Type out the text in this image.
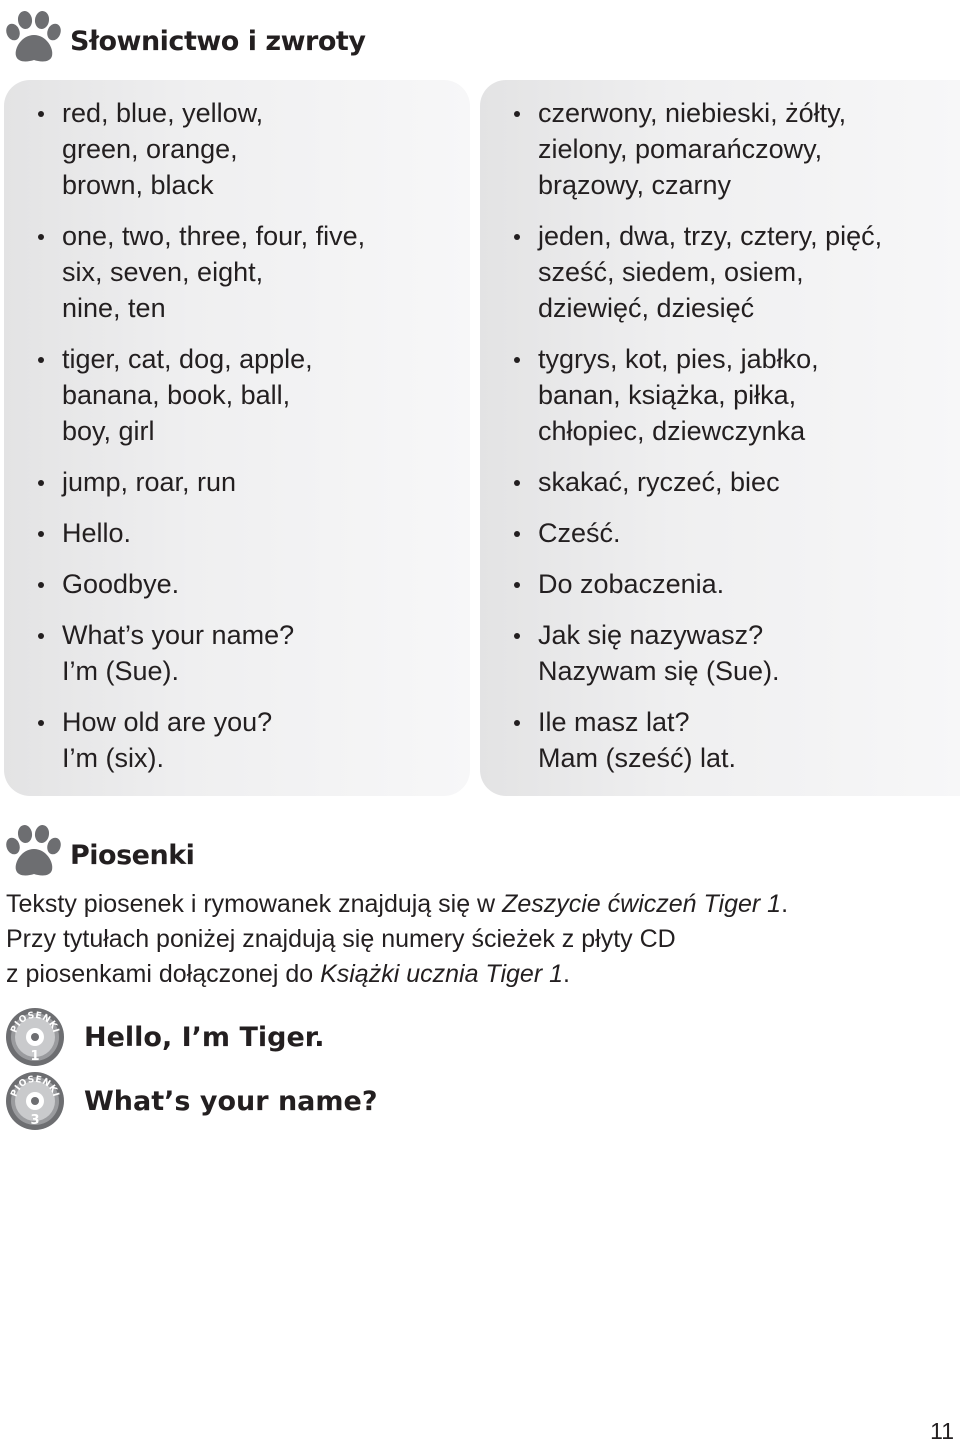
Słownictwo i zwroty
red, blue, yellow,
green, orange,
brown, black
one, two, three, four, five,
six, seven, eight,
nine, ten
tiger, cat, dog, apple,
banana, book, ball,
boy, girl
jump, roar, run
Hello.
Goodbye.
What’s your name?
I’m (Sue).
How old are you?
I’m (six).
czerwony, niebieski, żółty,
zielony, pomarańczowy,
brązowy, czarny
jeden, dwa, trzy, cztery, pięć,
sześć, siedem, osiem,
dziewięć, dziesięć
tygrys, kot, pies, jabłko,
banan, książka, piłka,
chłopiec, dziewczynka
skakać, ryczeć, biec
Cześć.
Do zobaczenia.
Jak się nazywasz?
Nazywam się (Sue).
Ile masz lat?
Mam (sześć) lat.
Piosenki

Teksty piosenek i rymowanek znajdują się w Zeszycie ćwiczeń Tiger 1.

Przy tytułach poniżej znajdują się numery ścieżek z płyty CD

z piosenkami dołączonej do Książki ucznia Tiger 1.

PIOSENKI
1
Hello, I’m Tiger.
PIOSENKI
3
What’s your name?
11
